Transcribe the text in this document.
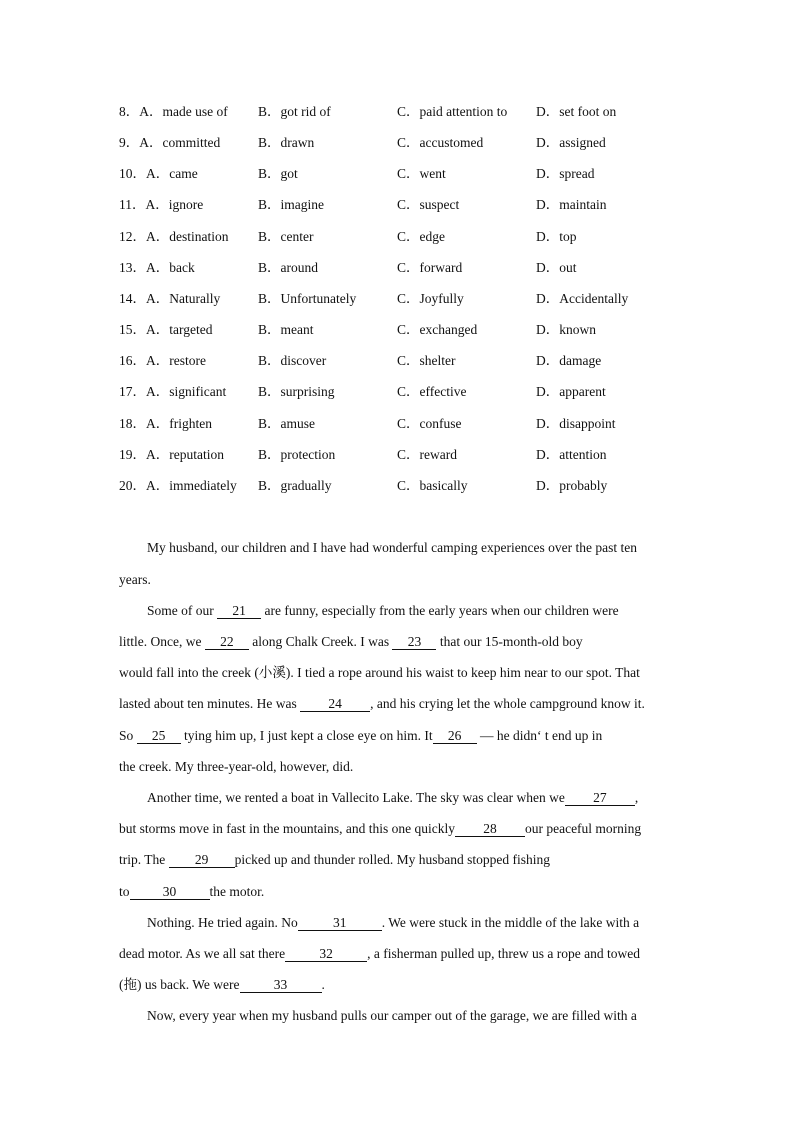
8．A．made use of B．got rid of	C．paid attention to D．set foot on
9．A．committed	B．drawn	C．accustomed	D．assigned
10．A．came	B．got	C．went	D．spread
11．A．ignore	B．imagine	C．suspect	D．maintain
12．A．destination B．center	C．edge	D．top
13．A．back	B．around	C．forward	D．out
14．A．Naturally	B．Unfortunately	C．Joyfully	D．Accidentally
15．A．targeted	B．meant	C．exchanged	D．known
16．A．restore	B．discover	C．shelter	D．damage
17．A．significant B．surprising	C．effective	D．apparent
18．A．frighten	B．amuse	C．confuse	D．disappoint
19．A．reputation	B．protection	C．reward	D．attention
20．A．immediately B．gradually	C．basically	D．probably
My husband, our children and I have had wonderful camping experiences over the past ten
years.
Some of our 21 are funny, especially from the early years when our children were
little. Once, we 22 along Chalk Creek. I was 23 that our 15-month-old boy
would fall into the creek (小溪). I tied a rope around his waist to keep him near to our spot. That
lasted about ten minutes. He was 24 , and his crying let the whole campground know it.
So 25 tying him up, I just kept a close eye on him. It 26 — he didn‘ t end up in
the creek. My three-year-old, however, did.
Another time, we rented a boat in Vallecito Lake. The sky was clear when we 27 ,
but storms move in fast in the mountains, and this one quickly 28 our peaceful morning
trip. The 29 picked up and thunder rolled. My husband stopped fishing
to 30 the motor.
Nothing. He tried again. No	31	. We were stuck in the middle of the lake with a
dead motor. As we all sat there	32	, a fisherman pulled up, threw us a rope and towed
(拖) us back. We were	33	.
Now, every year when my husband pulls our camper out of the garage, we are filled with a
